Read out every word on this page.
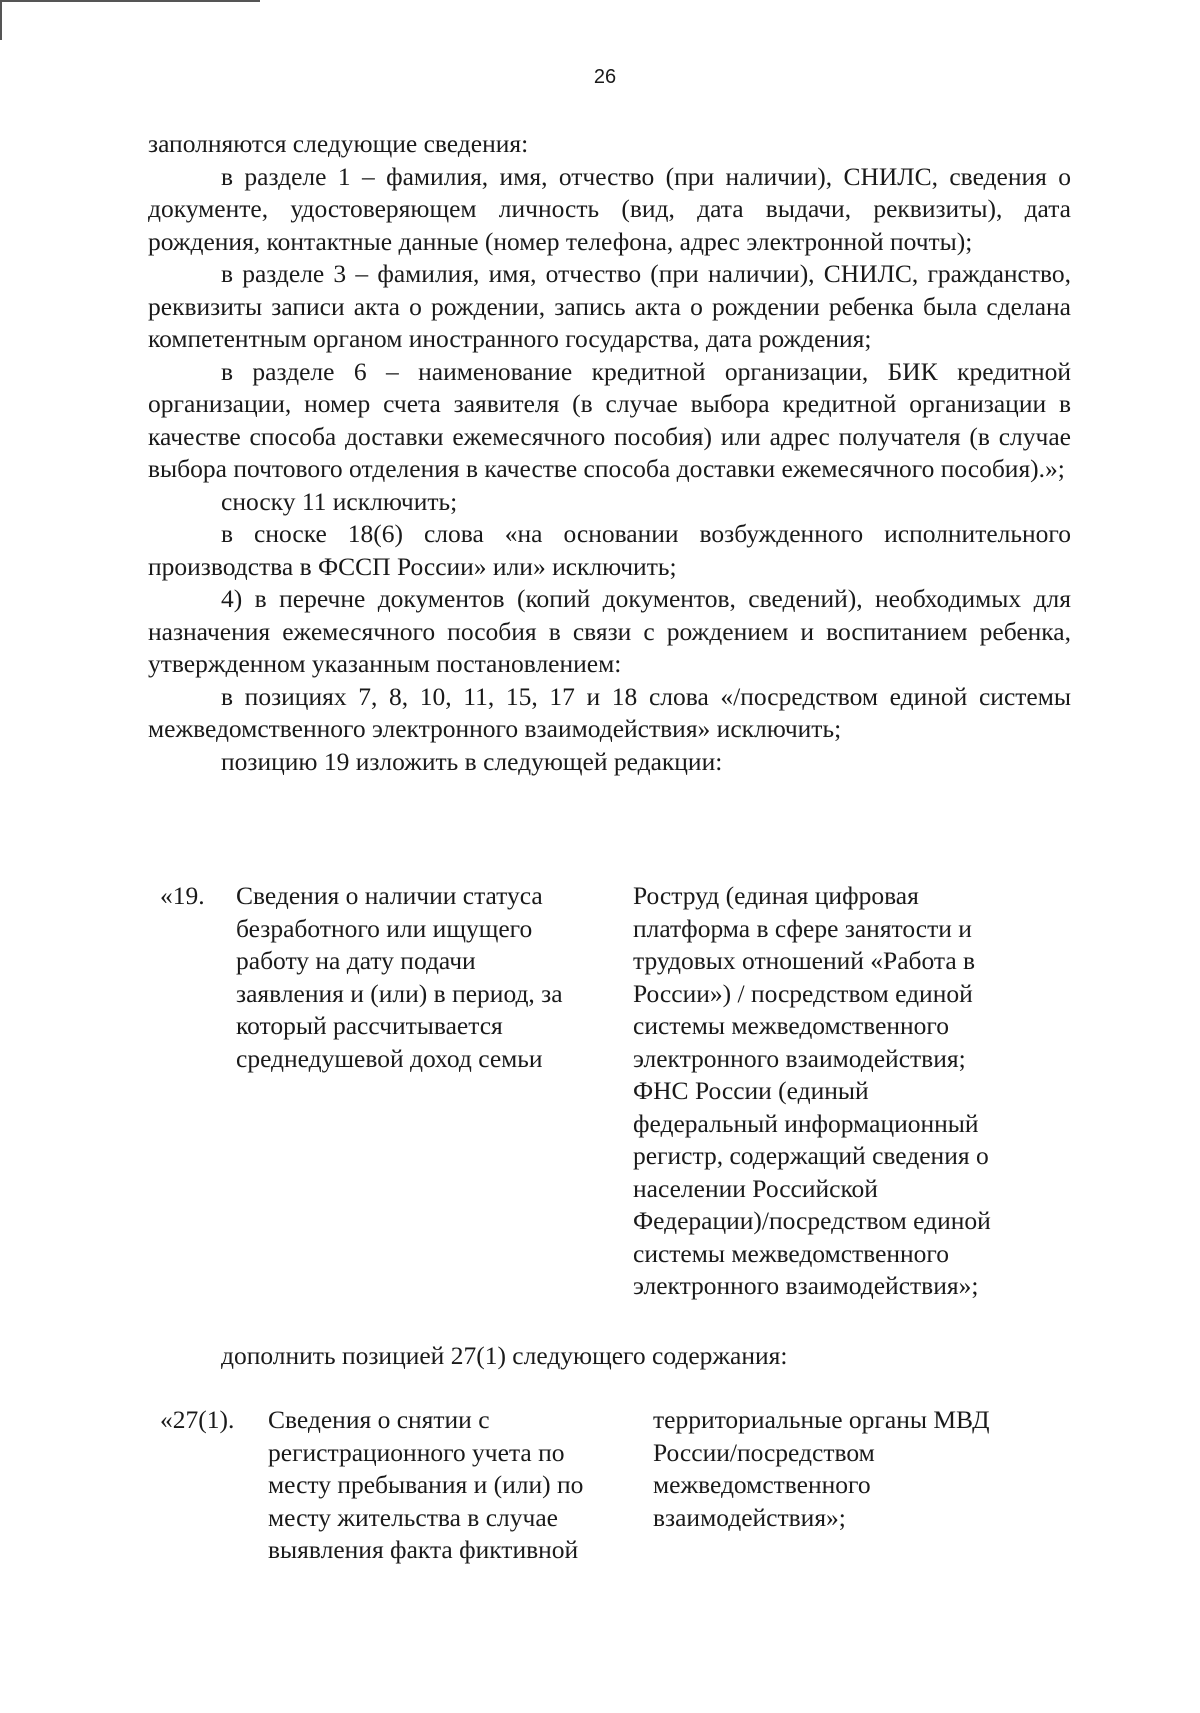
26

заполняются следующие сведения:

в разделе 1 – фамилия, имя, отчество (при наличии), СНИЛС, сведения о документе, удостоверяющем личность (вид, дата выдачи, реквизиты), дата рождения, контактные данные (номер телефона, адрес электронной почты);

в разделе 3 – фамилия, имя, отчество (при наличии), СНИЛС, гражданство, реквизиты записи акта о рождении, запись акта о рождении ребенка была сделана компетентным органом иностранного государства, дата рождения;

в разделе 6 – наименование кредитной организации, БИК кредитной организации, номер счета заявителя (в случае выбора кредитной организации в качестве способа доставки ежемесячного пособия) или адрес получателя (в случае выбора почтового отделения в качестве способа доставки ежемесячного пособия).»;

сноску 11 исключить;

в сноске 18(6) слова «на основании возбужденного исполнительного производства в ФССП России» или» исключить;

4) в перечне документов (копий документов, сведений), необходимых для назначения ежемесячного пособия в связи с рождением и воспитанием ребенка, утвержденном указанным постановлением:

в позициях 7, 8, 10, 11, 15, 17 и 18 слова «/посредством единой системы межведомственного электронного взаимодействия» исключить;

позицию 19 изложить в следующей редакции:

«19. Сведения о наличии статуса
безработного или ищущего
работу на дату подачи
заявления и (или) в период, за
который рассчитывается
среднедушевой доход семьи
Роструд (единая цифровая
платформа в сфере занятости и
трудовых отношений «Работа в
России») / посредством единой
системы межведомственного
электронного взаимодействия;
ФНС России (единый
федеральный информационный
регистр, содержащий сведения о
населении Российской
Федерации)/посредством единой
системы межведомственного
электронного взаимодействия»;
дополнить позицией 27(1) следующего содержания:
«27(1). Сведения о снятии с
регистрационного учета по
месту пребывания и (или) по
месту жительства в случае
выявления факта фиктивной
территориальные органы МВД
России/посредством
межведомственного
взаимодействия»;
